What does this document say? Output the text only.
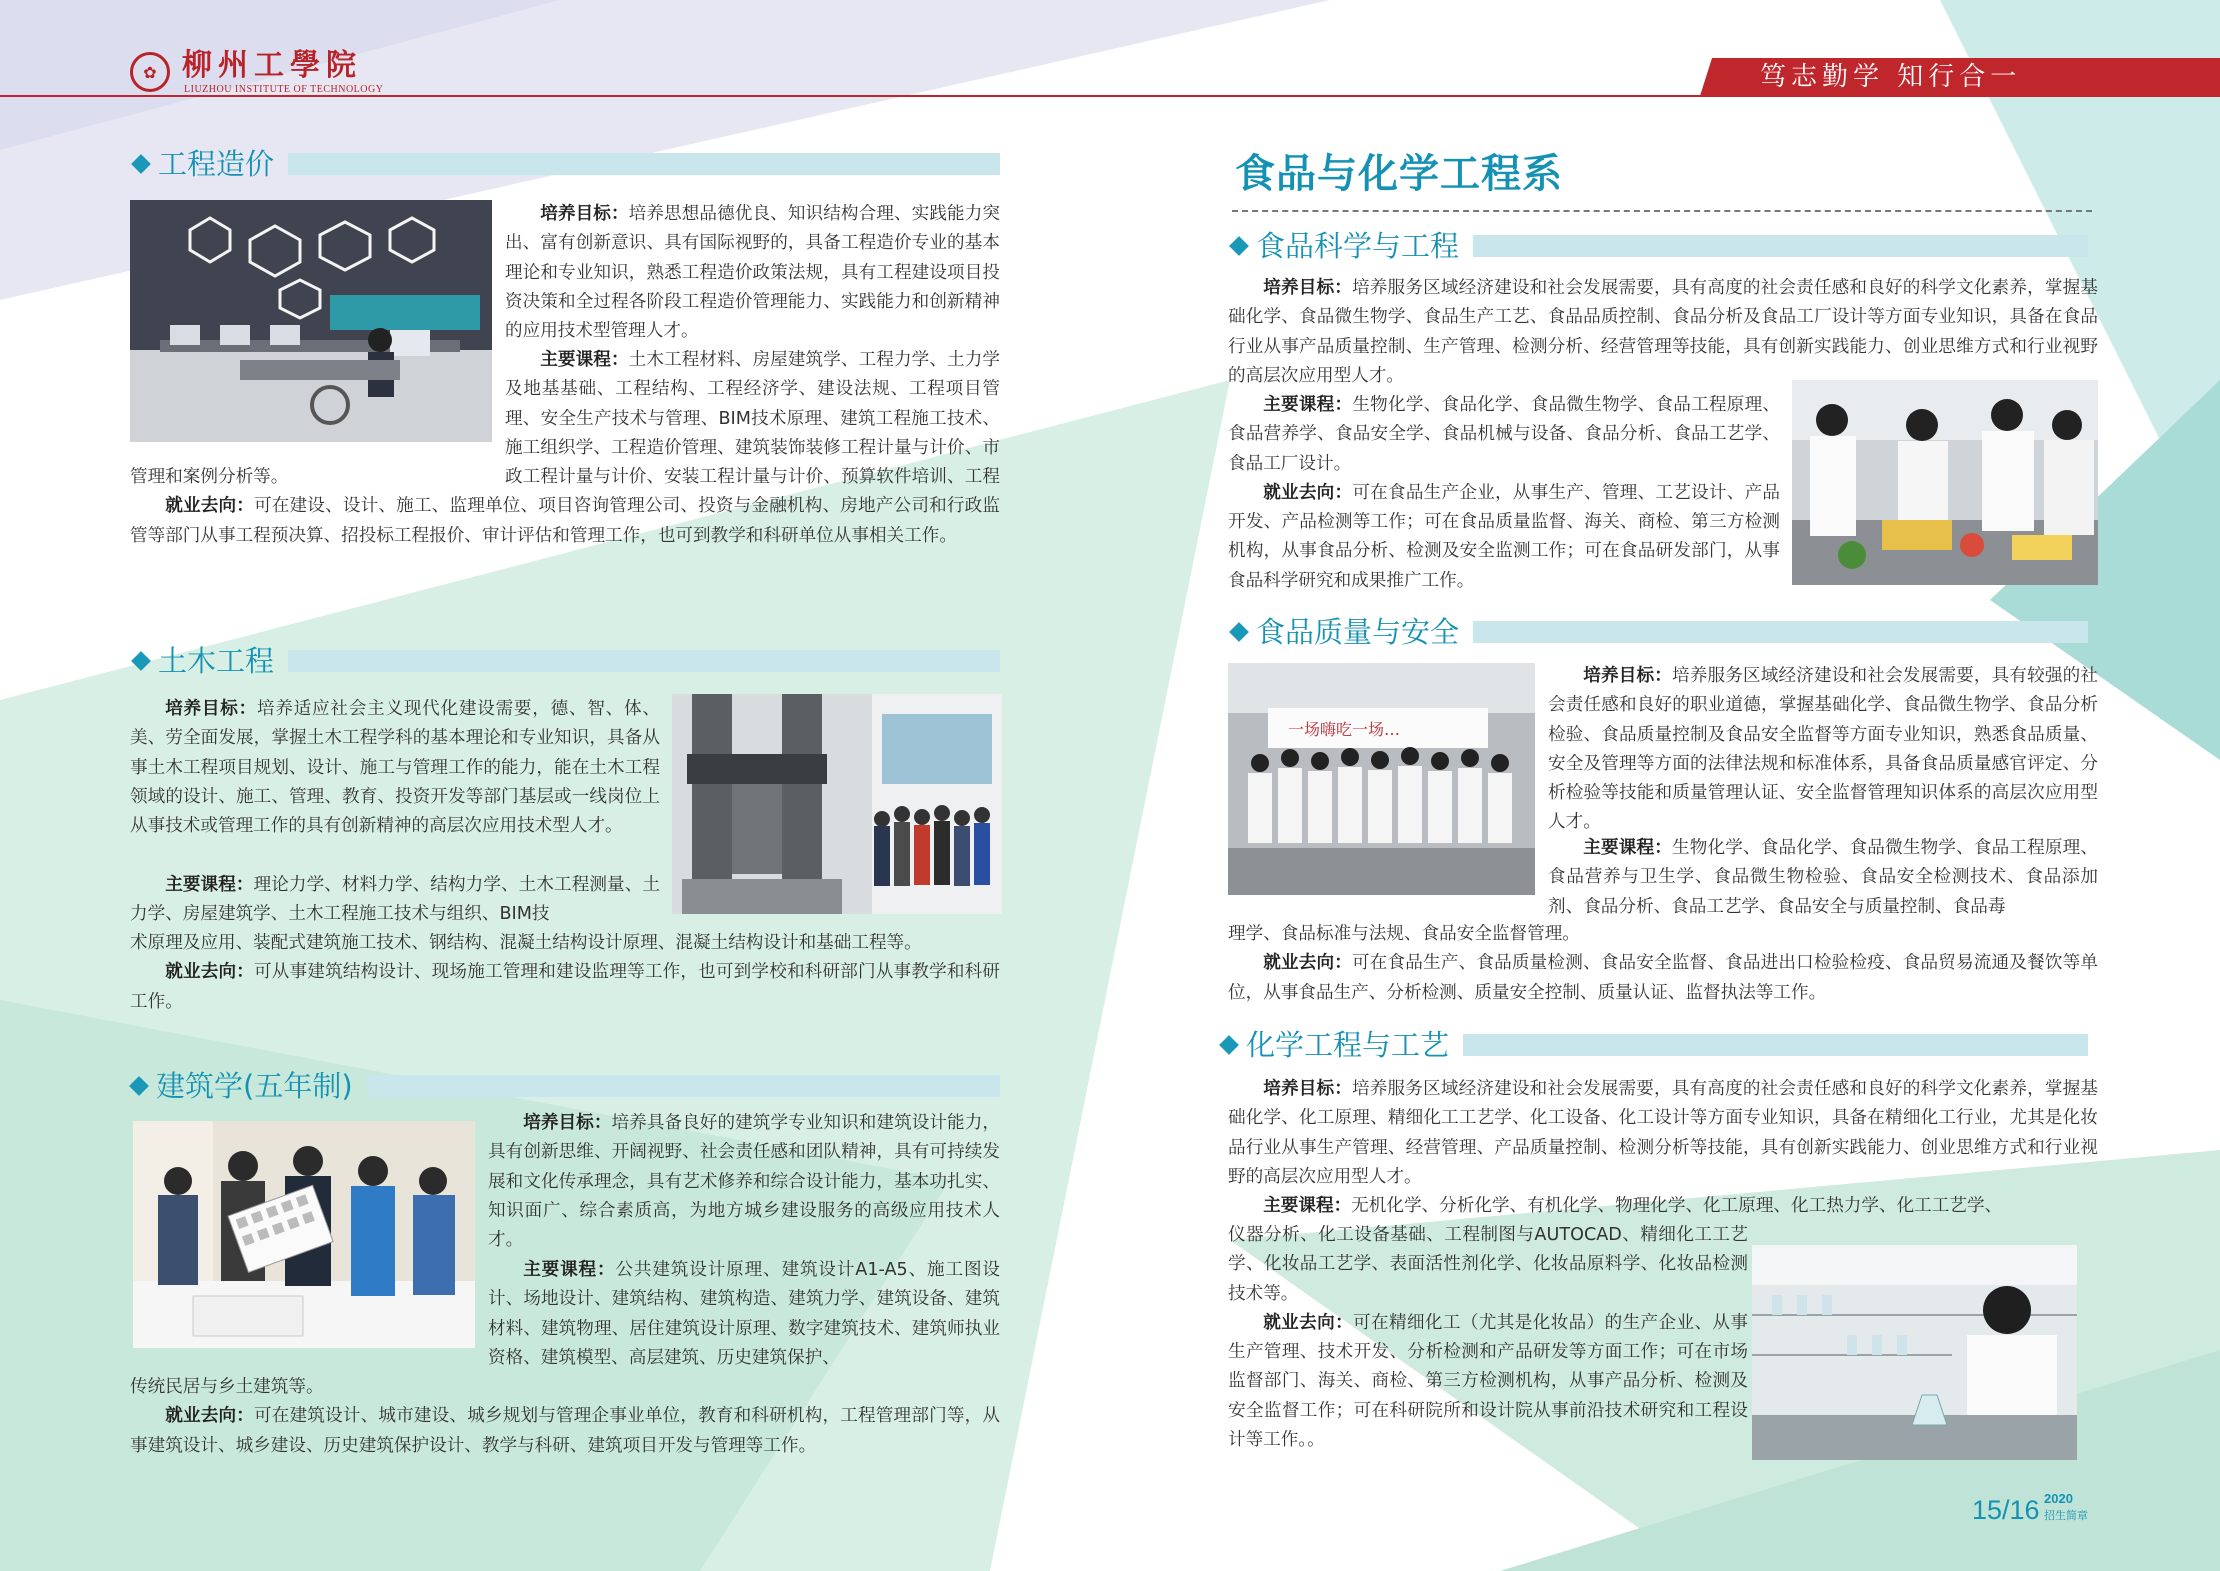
✿ 柳州工學院
LIUZHOU INSTITUTE OF TECHNOLOGY	笃志勤学 知行合一
工程造价

培养目标：培养思想品德优良、知识结构合理、实践能力突出、富有创新意识、具有国际视野的，具备工程造价专业的基本理论和专业知识，熟悉工程造价政策法规，具有工程建设项目投资决策和全过程各阶段工程造价管理能力、实践能力和创新精神的应用技术型管理人才。

主要课程：土木工程材料、房屋建筑学、工程力学、土力学及地基基础、工程结构、工程经济学、建设法规、工程项目管理、安全生产技术与管理、BIM技术原理、建筑工程施工技术、施工组织学、工程造价管理、建筑装饰装修工程计量与计价、市政工程计量与计价、安装工程计量与计价、预算软件培训、工程

管理和案例分析等。

就业去向：可在建设、设计、施工、监理单位、项目咨询管理公司、投资与金融机构、房地产公司和行政监管等部门从事工程预决算、招投标工程报价、审计评估和管理工作，也可到教学和科研单位从事相关工作。

土木工程

培养目标：培养适应社会主义现代化建设需要，德、智、体、美、劳全面发展，掌握土木工程学科的基本理论和专业知识，具备从事土木工程项目规划、设计、施工与管理工作的能力，能在土木工程领域的设计、施工、管理、教育、投资开发等部门基层或一线岗位上从事技术或管理工作的具有创新精神的高层次应用技术型人才。

主要课程：理论力学、材料力学、结构力学、土木工程测量、土力学、房屋建筑学、土木工程施工技术与组织、BIM技

术原理及应用、装配式建筑施工技术、钢结构、混凝土结构设计原理、混凝土结构设计和基础工程等。

就业去向：可从事建筑结构设计、现场施工管理和建设监理等工作，也可到学校和科研部门从事教学和科研工作。

建筑学(五年制)

培养目标：培养具备良好的建筑学专业知识和建筑设计能力，具有创新思维、开阔视野、社会责任感和团队精神，具有可持续发展和文化传承理念，具有艺术修养和综合设计能力，基本功扎实、知识面广、综合素质高，为地方城乡建设服务的高级应用技术人才。

主要课程：公共建筑设计原理、建筑设计A1-A5、施工图设计、场地设计、建筑结构、建筑构造、建筑力学、建筑设备、建筑材料、建筑物理、居住建筑设计原理、数字建筑技术、建筑师执业资格、建筑模型、高层建筑、历史建筑保护、

传统民居与乡土建筑等。

就业去向：可在建筑设计、城市建设、城乡规划与管理企事业单位，教育和科研机构，工程管理部门等，从事建筑设计、城乡建设、历史建筑保护设计、教学与科研、建筑项目开发与管理等工作。

食品与化学工程系
食品科学与工程

培养目标：培养服务区域经济建设和社会发展需要，具有高度的社会责任感和良好的科学文化素养，掌握基础化学、食品微生物学、食品生产工艺、食品品质控制、食品分析及食品工厂设计等方面专业知识，具备在食品行业从事产品质量控制、生产管理、检测分析、经营管理等技能，具有创新实践能力、创业思维方式和行业视野的高层次应用型人才。

主要课程：生物化学、食品化学、食品微生物学、食品工程原理、食品营养学、食品安全学、食品机械与设备、食品分析、食品工艺学、食品工厂设计。

就业去向：可在食品生产企业，从事生产、管理、工艺设计、产品开发、产品检测等工作；可在食品质量监督、海关、商检、第三方检测机构，从事食品分析、检测及安全监测工作；可在食品研发部门，从事食品科学研究和成果推广工作。

食品质量与安全
一场嗨吃一场…

培养目标：培养服务区域经济建设和社会发展需要，具有较强的社会责任感和良好的职业道德，掌握基础化学、食品微生物学、食品分析检验、食品质量控制及食品安全监督等方面专业知识，熟悉食品质量、安全及管理等方面的法律法规和标准体系，具备食品质量感官评定、分析检验等技能和质量管理认证、安全监督管理知识体系的高层次应用型人才。

主要课程：生物化学、食品化学、食品微生物学、食品工程原理、食品营养与卫生学、食品微生物检验、食品安全检测技术、食品添加剂、食品分析、食品工艺学、食品安全与质量控制、食品毒

理学、食品标准与法规、食品安全监督管理。

就业去向：可在食品生产、食品质量检测、食品安全监督、食品进出口检验检疫、食品贸易流通及餐饮等单位，从事食品生产、分析检测、质量安全控制、质量认证、监督执法等工作。

化学工程与工艺

培养目标：培养服务区域经济建设和社会发展需要，具有高度的社会责任感和良好的科学文化素养，掌握基础化学、化工原理、精细化工工艺学、化工设备、化工设计等方面专业知识，具备在精细化工行业，尤其是化妆品行业从事生产管理、经营管理、产品质量控制、检测分析等技能，具有创新实践能力、创业思维方式和行业视野的高层次应用型人才。

主要课程：无机化学、分析化学、有机化学、物理化学、化工原理、化工热力学、化工工艺学、

仪器分析、化工设备基础、工程制图与AUTOCAD、精细化工工艺学、化妆品工艺学、表面活性剂化学、化妆品原料学、化妆品检测技术等。

就业去向：可在精细化工（尤其是化妆品）的生产企业、从事生产管理、技术开发、分析检测和产品研发等方面工作；可在市场监督部门、海关、商检、第三方检测机构，从事产品分析、检测及安全监督工作；可在科研院所和设计院从事前沿技术研究和工程设计等工作。。

15/16 2020
招生简章
